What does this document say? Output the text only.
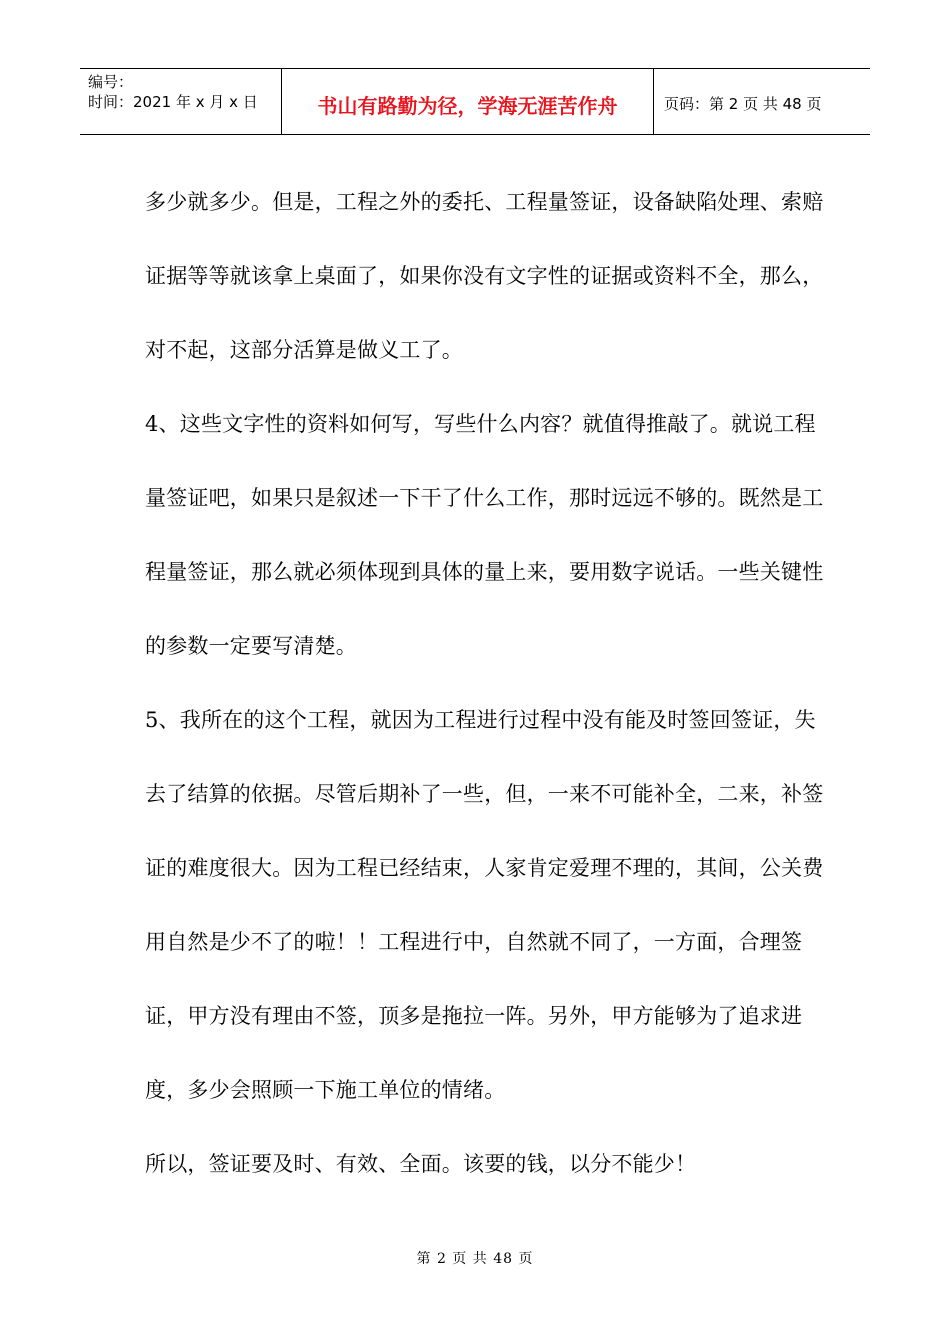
编号：
时间：2021 年 x 月 x 日	书山有路勤为径，学海无涯苦作舟	页码：第 2 页 共 48 页

多少就多少。但是，工程之外的委托、工程量签证，设备缺陷处理、索赔证据等等就该拿上桌面了，如果你没有文字性的证据或资料不全，那么，对不起，这部分活算是做义工了。

4、这些文字性的资料如何写，写些什么内容？就值得推敲了。就说工程量签证吧，如果只是叙述一下干了什么工作，那时远远不够的。既然是工程量签证，那么就必须体现到具体的量上来，要用数字说话。一些关键性的参数一定要写清楚。

5、我所在的这个工程，就因为工程进行过程中没有能及时签回签证，失去了结算的依据。尽管后期补了一些，但，一来不可能补全，二来，补签证的难度很大。因为工程已经结束，人家肯定爱理不理的，其间，公关费用自然是少不了的啦！！工程进行中，自然就不同了，一方面，合理签证，甲方没有理由不签，顶多是拖拉一阵。另外，甲方能够为了追求进度，多少会照顾一下施工单位的情绪。

所以，签证要及时、有效、全面。该要的钱，以分不能少！

第 2 页 共 48 页
